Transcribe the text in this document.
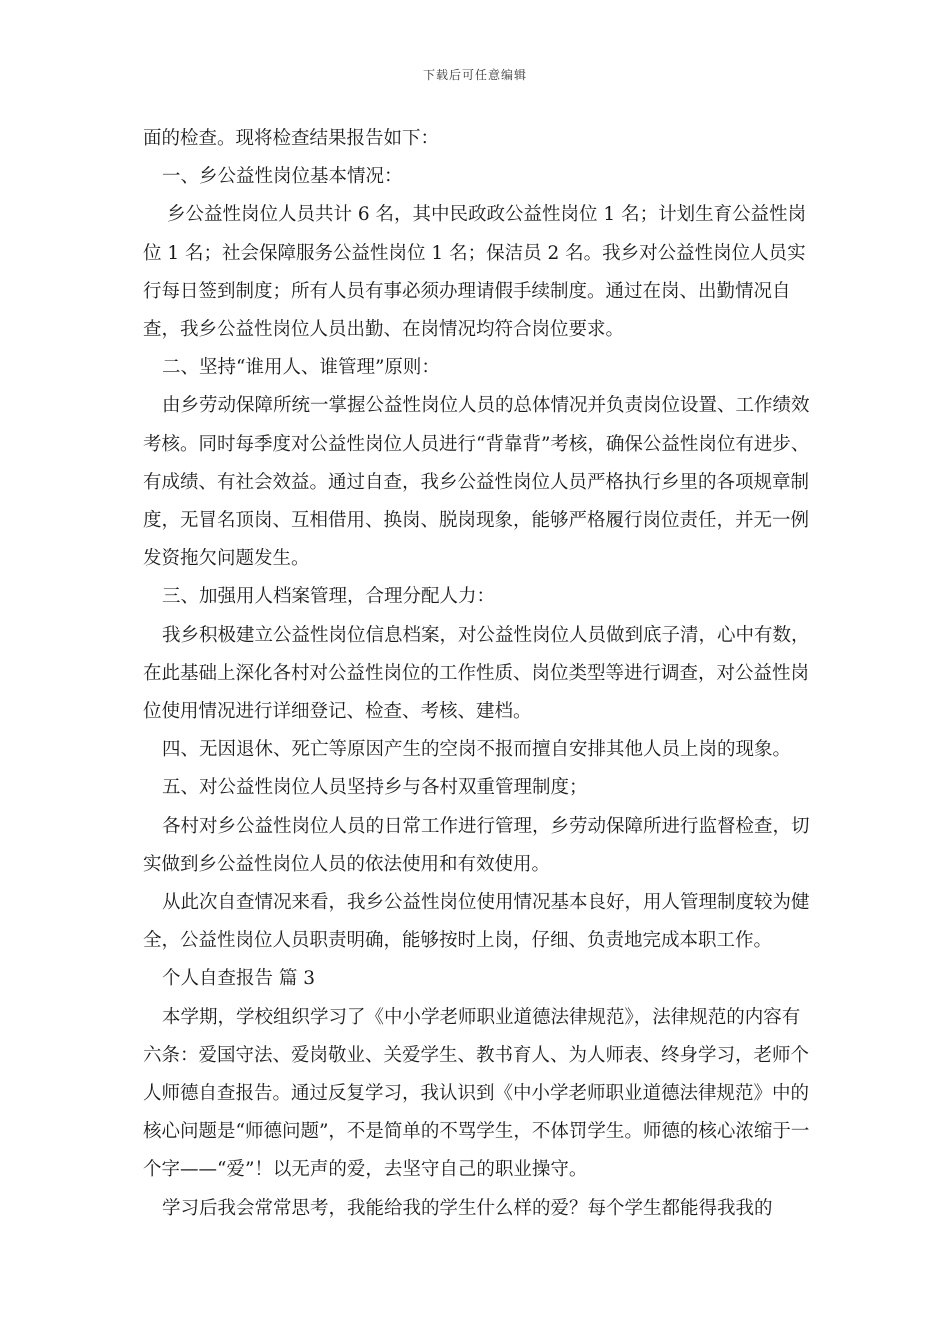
下载后可任意编辑

面的检查。现将检查结果报告如下：

一、乡公益性岗位基本情况：

乡公益性岗位人员共计 6 名，其中民政政公益性岗位 1 名；计划生育公益性岗位 1 名；社会保障服务公益性岗位 1 名；保洁员 2 名。我乡对公益性岗位人员实行每日签到制度；所有人员有事必须办理请假手续制度。通过在岗、出勤情况自查，我乡公益性岗位人员出勤、在岗情况均符合岗位要求。

二、坚持“谁用人、谁管理”原则：

由乡劳动保障所统一掌握公益性岗位人员的总体情况并负责岗位设置、工作绩效考核。同时每季度对公益性岗位人员进行“背靠背”考核，确保公益性岗位有进步、有成绩、有社会效益。通过自查，我乡公益性岗位人员严格执行乡里的各项规章制度，无冒名顶岗、互相借用、换岗、脱岗现象，能够严格履行岗位责任，并无一例发资拖欠问题发生。

三、加强用人档案管理，合理分配人力：

我乡积极建立公益性岗位信息档案，对公益性岗位人员做到底子清，心中有数，在此基础上深化各村对公益性岗位的工作性质、岗位类型等进行调查，对公益性岗位使用情况进行详细登记、检查、考核、建档。

四、无因退休、死亡等原因产生的空岗不报而擅自安排其他人员上岗的现象。

五、对公益性岗位人员坚持乡与各村双重管理制度；

各村对乡公益性岗位人员的日常工作进行管理，乡劳动保障所进行监督检查，切实做到乡公益性岗位人员的依法使用和有效使用。

从此次自查情况来看，我乡公益性岗位使用情况基本良好，用人管理制度较为健全，公益性岗位人员职责明确，能够按时上岗，仔细、负责地完成本职工作。

个人自查报告 篇 3

本学期，学校组织学习了《中小学老师职业道德法律规范》，法律规范的内容有六条：爱国守法、爱岗敬业、关爱学生、教书育人、为人师表、终身学习，老师个人师德自查报告。通过反复学习，我认识到《中小学老师职业道德法律规范》中的核心问题是“师德问题”，不是简单的不骂学生，不体罚学生。师德的核心浓缩于一个字——“爱”！以无声的爱，去坚守自己的职业操守。

学习后我会常常思考，我能给我的学生什么样的爱？每个学生都能得我我的
